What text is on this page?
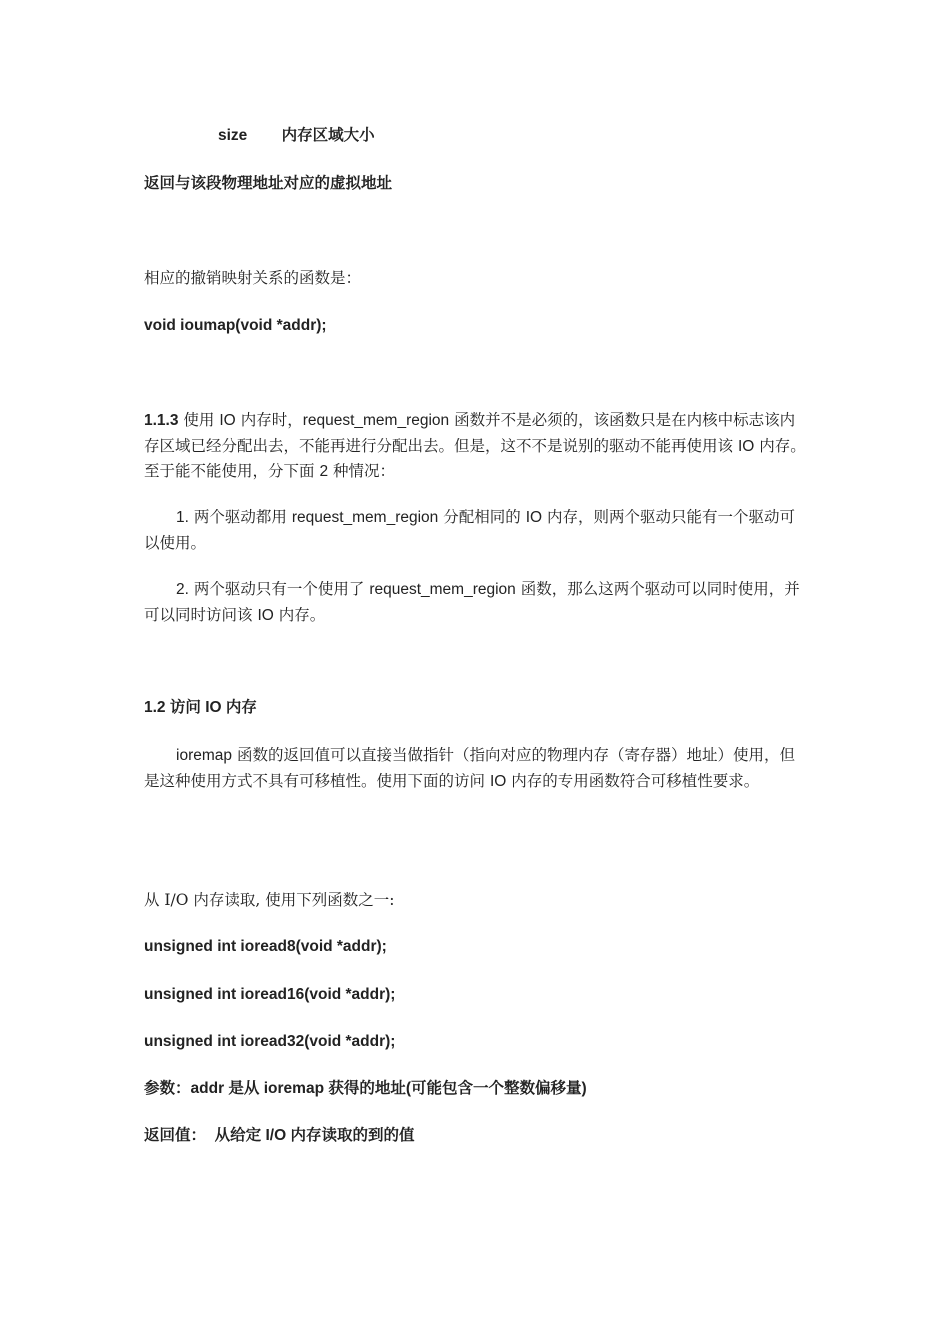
size 内存区域大小
返回与该段物理地址对应的虚拟地址
相应的撤销映射关系的函数是：
void ioumap(void *addr);
1.1.3 使用 IO 内存时，request_mem_region 函数并不是必须的，该函数只是在内核中标志该内存区域已经分配出去，不能再进行分配出去。但是，这不不是说别的驱动不能再使用该 IO 内存。至于能不能使用，分下面 2 种情况：
1. 两个驱动都用 request_mem_region 分配相同的 IO 内存，则两个驱动只能有一个驱动可以使用。
2. 两个驱动只有一个使用了 request_mem_region 函数，那么这两个驱动可以同时使用，并可以同时访问该 IO 内存。
1.2 访问 IO 内存
ioremap 函数的返回值可以直接当做指针（指向对应的物理内存（寄存器）地址）使用，但是这种使用方式不具有可移植性。使用下面的访问 IO 内存的专用函数符合可移植性要求。
从 I/O 内存读取, 使用下列函数之一:
unsigned int ioread8(void *addr);
unsigned int ioread16(void *addr);
unsigned int ioread32(void *addr);
参数：addr 是从 ioremap 获得的地址(可能包含一个整数偏移量)
返回值： 从给定 I/O 内存读取的到的值
